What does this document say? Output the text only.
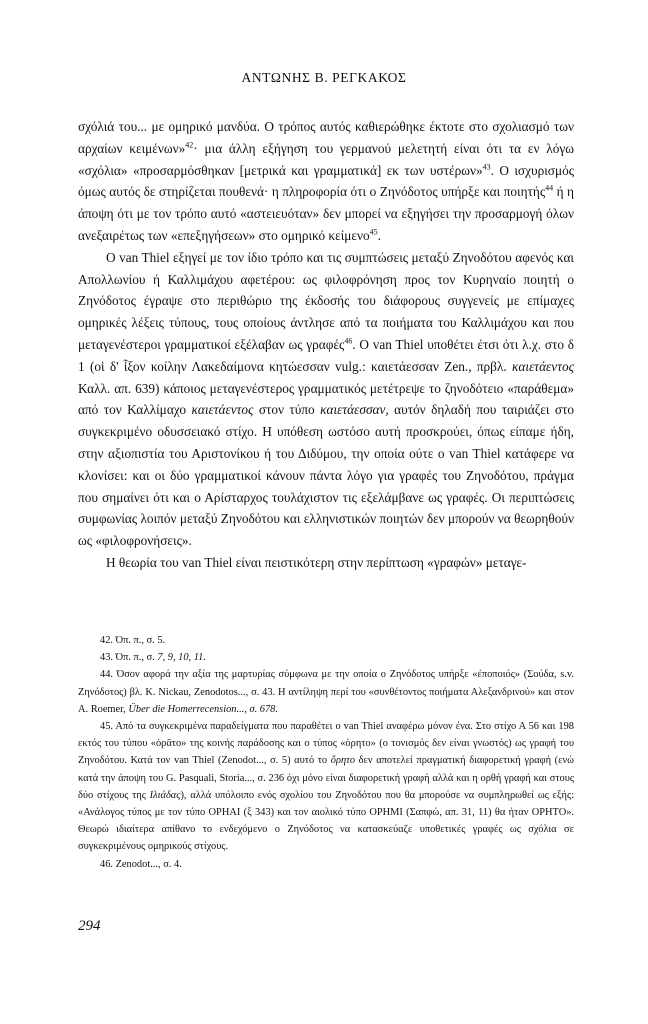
ΑΝΤΩΝΗΣ Β. ΡΕΓΚΑΚΟΣ

σχόλιά του... με ομηρικό μανδύα. Ο τρόπος αυτός καθιερώθηκε έκτοτε στο σχολιασμό των αρχαίων κειμένων»$^{42}$· μια άλλη εξήγηση του γερμανού μελετητή είναι ότι τα εν λόγω «σχόλια» «προσαρμόσθηκαν [μετρικά και γραμματικά] εκ των υστέρων»$^{43}$. Ο ισχυρισμός όμως αυτός δε στηρίζεται πουθενά· η πληροφορία ότι ο Ζηνόδοτος υπήρξε και ποιητής$^{44}$ ή η άποψη ότι με τον τρόπο αυτό «αστειευόταν» δεν μπορεί να εξηγήσει την προσαρμογή όλων ανεξαιρέτως των «επεξηγήσεων» στο ομηρικό κείμενο$^{45}$.

Ο van Thiel εξηγεί με τον ίδιο τρόπο και τις συμπτώσεις μεταξύ Ζηνοδότου αφενός και Απολλωνίου ή Καλλιμάχου αφετέρου: ως φιλοφρόνηση προς τον Κυρηναίο ποιητή ο Ζηνόδοτος έγραψε στο περιθώριο της έκδοσής του διάφορους συγγενείς με επίμαχες ομηρικές λέξεις τύπους, τους οποίους άντλησε από τα ποιήματα του Καλλιμάχου και που μεταγενέστεροι γραμματικοί εξέλαβαν ως γραφές$^{46}$. Ο van Thiel υποθέτει έτσι ότι λ.χ. στο δ 1 (οἱ δ' ἷξον κοίλην Λακεδαίμονα κητώεσσαν vulg.: καιετάεσσαν Zen., πρβλ. καιετάεντος Καλλ. απ. 639) κάποιος μεταγενέστερος γραμματικός μετέτρεψε το ζηνοδότειο «παράθεμα» από τον Καλλίμαχο καιετάεντος στον τύπο καιετάεσσαν, αυτόν δηλαδή που ταιριάζει στο συγκεκριμένο οδυσσειακό στίχο. Η υπόθεση ωστόσο αυτή προσκρούει, όπως είπαμε ήδη, στην αξιοπιστία του Αριστονίκου ή του Διδύμου, την οποία ούτε ο van Thiel κατάφερε να κλονίσει: και οι δύο γραμματικοί κάνουν πάντα λόγο για γραφές του Ζηνοδότου, πράγμα που σημαίνει ότι και ο Αρίσταρχος τουλάχιστον τις εξελάμβανε ως γραφές. Οι περιπτώσεις συμφωνίας λοιπόν μεταξύ Ζηνοδότου και ελληνιστικών ποιητών δεν μπορούν να θεωρηθούν ως «φιλοφρονήσεις».

Η θεωρία του van Thiel είναι πειστικότερη στην περίπτωση «γραφών» μεταγε-

42. Όπ. π., σ. 5.

43. Όπ. π., σ. 7, 9, 10, 11.

44. Όσον αφορά την αξία της μαρτυρίας σύμφωνα με την οποία ο Ζηνόδοτος υπήρξε «ἐποποιός» (Σούδα, s.v. Ζηνόδοτος) βλ. K. Nickau, Zenodotos..., σ. 43. Η αντίληψη περί του «συνθέτοντος ποιήματα Αλεξανδρινού» και στον A. Roemer, Über die Homerrecension..., σ. 678.

45. Από τα συγκεκριμένα παραδείγματα που παραθέτει ο van Thiel αναφέρω μόνον ένα. Στο στίχο Α 56 και 198 εκτός του τύπου «ὁρᾶτο» της κοινής παράδοσης και ο τύπος «ὁρητο» (ο τονισμός δεν είναι γνωστός) ως γραφή του Ζηνοδότου. Κατά τον van Thiel (Zenodot..., σ. 5) αυτό το ὅρητο δεν αποτελεί πραγματική διαφορετική γραφή (ενώ κατά την άποψη του G. Pasquali, Storia..., σ. 236 όχι μόνο είναι διαφορετική γραφή αλλά και η ορθή γραφή και στους δύο στίχους της Ιλιάδας), αλλά υπόλοιπο ενός σχολίου του Ζηνοδότου που θα μπορούσε να συμπληρωθεί ως εξής: «Ανάλογος τύπος με τον τύπο ΟΡΗΑΙ (ξ 343) και τον αιολικό τύπο ΟΡΗΜΙ (Σαπφώ, απ. 31, 11) θα ήταν ΟΡΗΤΟ». Θεωρώ ιδιαίτερα απίθανο το ενδεχόμενο ο Ζηνόδοτος να κατασκεύαζε υποθετικές γραφές ως σχόλια σε συγκεκριμένους ομηρικούς στίχους.

46. Zenodot..., σ. 4.

294
